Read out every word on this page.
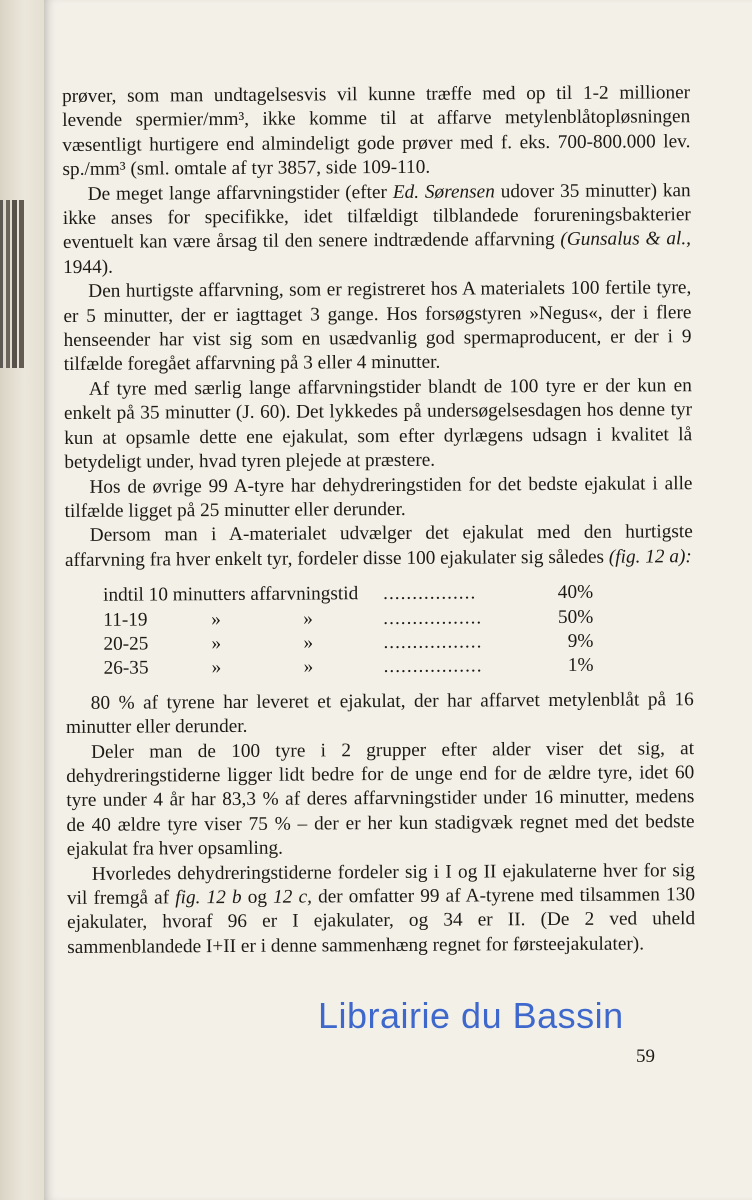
prøver, som man undtagelsesvis vil kunne træffe med op til 1-2 millioner levende spermier/mm³, ikke komme til at affarve metylenblåtopløsningen væsentligt hurtigere end almindeligt gode prøver med f. eks. 700-800.000 lev. sp./mm³ (sml. omtale af tyr 3857, side 109-110.

De meget lange affarvningstider (efter Ed. Sørensen udover 35 minutter) kan ikke anses for specifikke, idet tilfældigt tilblandede forureningsbakterier eventuelt kan være årsag til den senere indtrædende affarvning (Gunsalus & al., 1944).

Den hurtigste affarvning, som er registreret hos A materialets 100 fertile tyre, er 5 minutter, der er iagttaget 3 gange. Hos forsøgstyren »Negus«, der i flere henseender har vist sig som en usædvanlig god spermaproducent, er der i 9 tilfælde foregået affarvning på 3 eller 4 minutter.

Af tyre med særlig lange affarvningstider blandt de 100 tyre er der kun en enkelt på 35 minutter (J. 60). Det lykkedes på undersøgelsesdagen hos denne tyr kun at opsamle dette ene ejakulat, som efter dyrlægens udsagn i kvalitet lå betydeligt under, hvad tyren plejede at præstere.

Hos de øvrige 99 A-tyre har dehydreringstiden for det bedste ejakulat i alle tilfælde ligget på 25 minutter eller derunder.

Dersom man i A-materialet udvælger det ejakulat med den hurtigste affarvning fra hver enkelt tyr, fordeler disse 100 ejakulater sig således (fig. 12 a):

indtil 10 minutters affarvningstid			................	40%
11-19	»	»	.................	50%
20-25	»	»	.................	9%
26-35	»	»	.................	1%

80 % af tyrene har leveret et ejakulat, der har affarvet metylenblåt på 16 minutter eller derunder.

Deler man de 100 tyre i 2 grupper efter alder viser det sig, at dehydreringstiderne ligger lidt bedre for de unge end for de ældre tyre, idet 60 tyre under 4 år har 83,3 % af deres affarvningstider under 16 minutter, medens de 40 ældre tyre viser 75 % – der er her kun stadigvæk regnet med det bedste ejakulat fra hver opsamling.

Hvorledes dehydreringstiderne fordeler sig i I og II ejakulaterne hver for sig vil fremgå af fig. 12 b og 12 c, der omfatter 99 af A-tyrene med tilsammen 130 ejakulater, hvoraf 96 er I ejakulater, og 34 er II. (De 2 ved uheld sammenblandede I+II er i denne sammenhæng regnet for førsteejakulater).

59
Librairie du Bassin
